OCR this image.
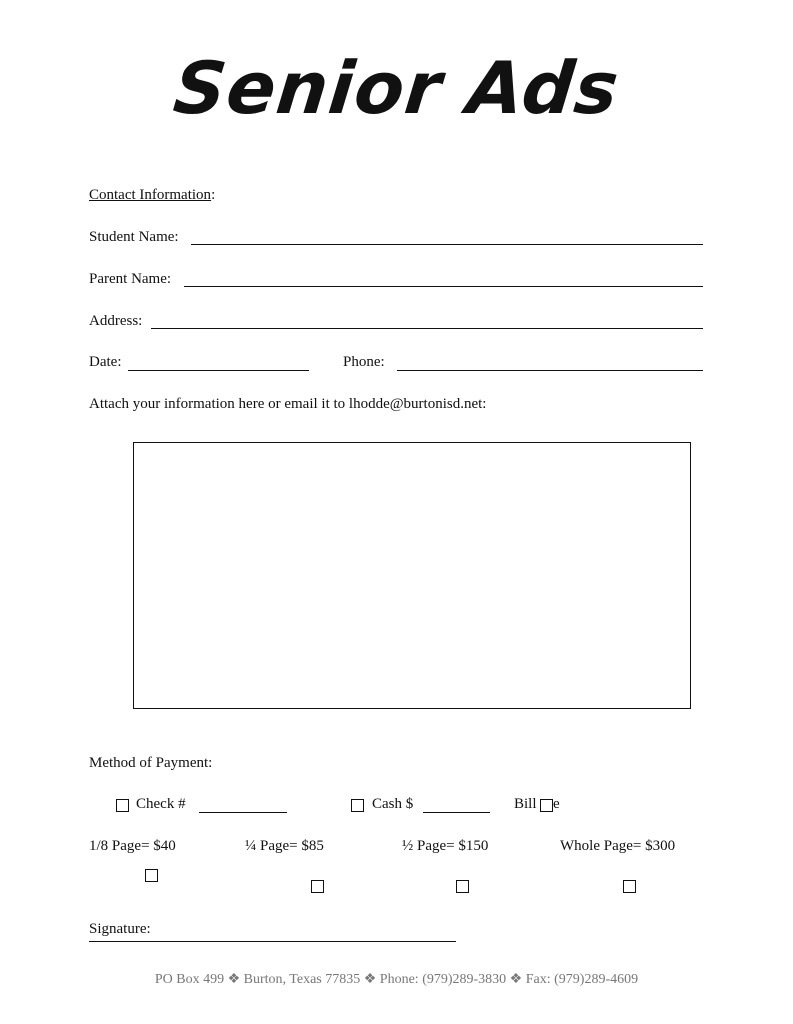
Senior Ads
Contact Information:
Student Name:
Parent Name:
Address:
Date:	Phone:
Attach your information here or email it to lhodde@burtonisd.net:
Method of Payment:
Check #	Cash $	Bill e
1/8 Page= $40	¼ Page= $85	½ Page= $150	Whole Page= $300
Signature:
PO Box 499 ❖ Burton, Texas 77835 ❖ Phone: (979)289-3830 ❖ Fax: (979)289-4609
